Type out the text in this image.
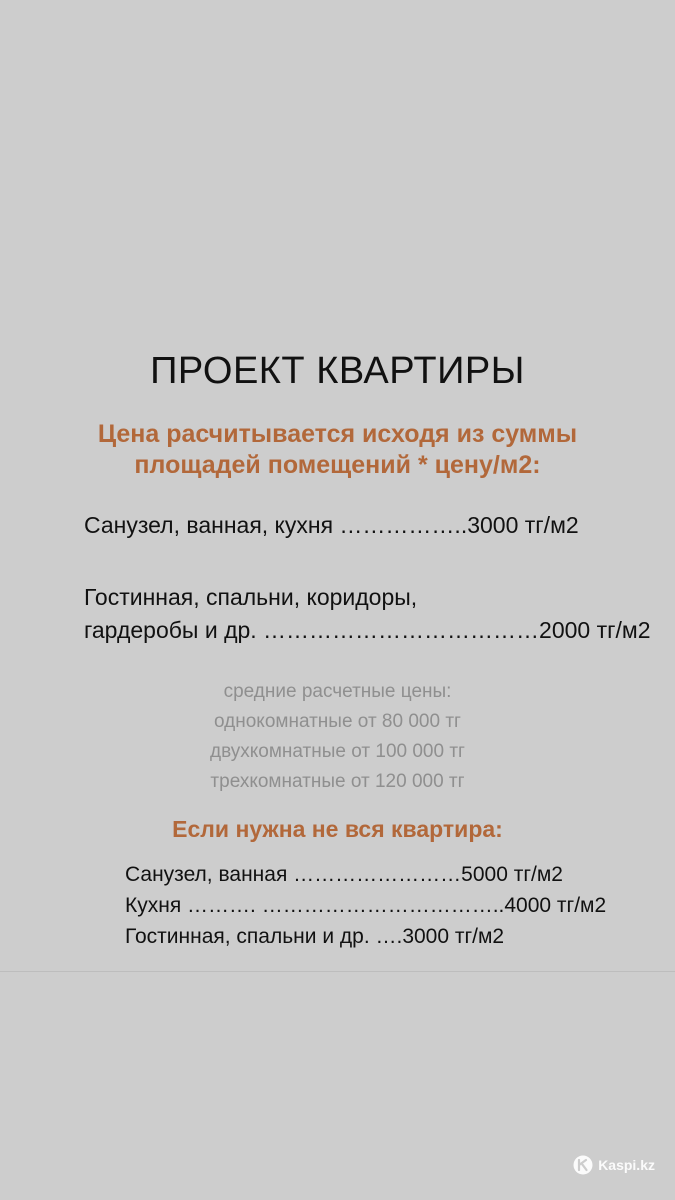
ПРОЕКТ КВАРТИРЫ
Цена расчитывается исходя из суммы
площадей помещений * цену/м2:
Санузел, ванная, кухня ……………..3000 тг/м2
Гостинная, спальни, коридоры,
гардеробы и др. ………………………………2000 тг/м2
средние расчетные цены:
однокомнатные от 80 000 тг
двухкомнатные от 100 000 тг
трехкомнатные от 120 000 тг
Если нужна не вся квартира:
Санузел, ванная ……………………5000 тг/м2
Кухня ………. ……………………………..4000 тг/м2
Гостинная, спальни и др. ….3000 тг/м2
Kaspi.kz
